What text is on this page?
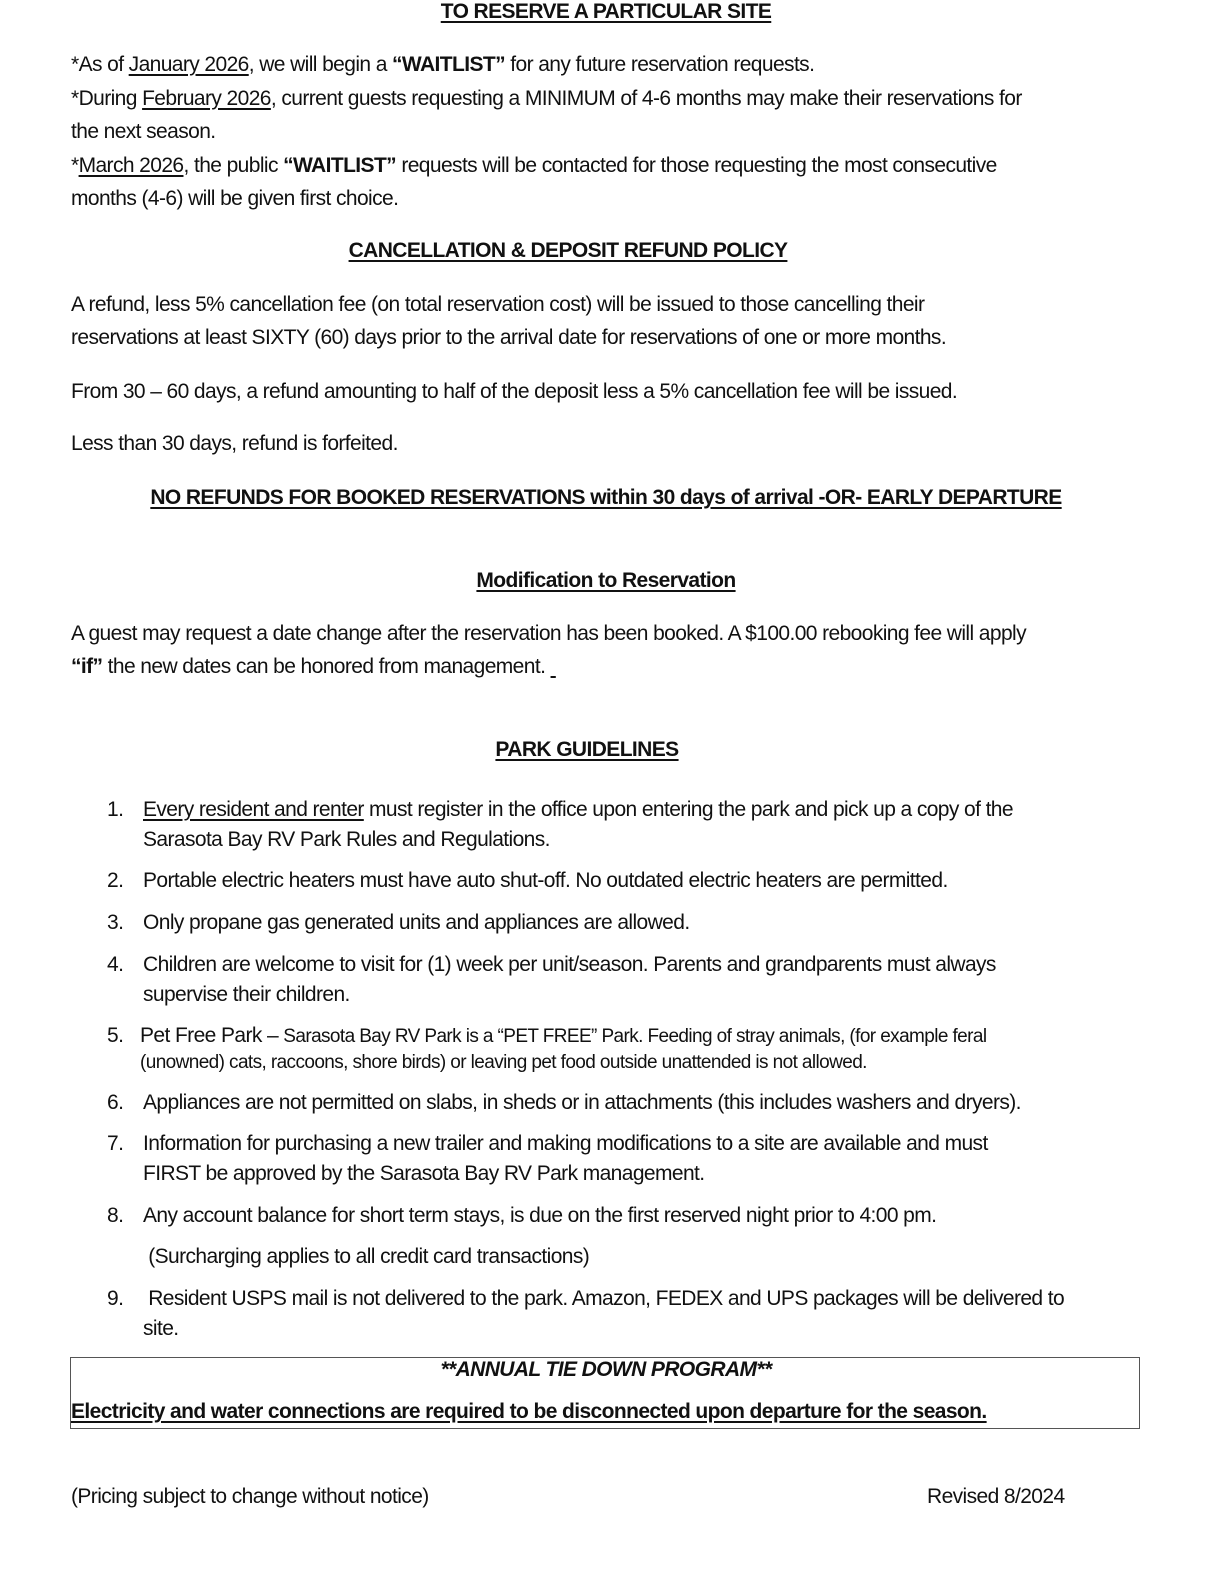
TO RESERVE A PARTICULAR SITE
*As of January 2026, we will begin a “WAITLIST” for any future reservation requests.
*During February 2026, current guests requesting a MINIMUM of 4-6 months may make their reservations for
the next season.
*March 2026, the public “WAITLIST” requests will be contacted for those requesting the most consecutive
months (4-6) will be given first choice.
CANCELLATION & DEPOSIT REFUND POLICY
A refund, less 5% cancellation fee (on total reservation cost) will be issued to those cancelling their
reservations at least SIXTY (60) days prior to the arrival date for reservations of one or more months.
From 30 – 60 days, a refund amounting to half of the deposit less a 5% cancellation fee will be issued.
Less than 30 days, refund is forfeited.
NO REFUNDS FOR BOOKED RESERVATIONS within 30 days of arrival -OR- EARLY DEPARTURE
Modification to Reservation
A guest may request a date change after the reservation has been booked. A $100.00 rebooking fee will apply
“if” the new dates can be honored from management.
PARK GUIDELINES
1. Every resident and renter must register in the office upon entering the park and pick up a copy of the
Sarasota Bay RV Park Rules and Regulations.
2. Portable electric heaters must have auto shut-off. No outdated electric heaters are permitted.
3. Only propane gas generated units and appliances are allowed.
4. Children are welcome to visit for (1) week per unit/season. Parents and grandparents must always
supervise their children.
5. Pet Free Park – Sarasota Bay RV Park is a “PET FREE” Park. Feeding of stray animals, (for example feral
(unowned) cats, raccoons, shore birds) or leaving pet food outside unattended is not allowed.
6. Appliances are not permitted on slabs, in sheds or in attachments (this includes washers and dryers).
7. Information for purchasing a new trailer and making modifications to a site are available and must
FIRST be approved by the Sarasota Bay RV Park management.
8. Any account balance for short term stays, is due on the first reserved night prior to 4:00 pm.
(Surcharging applies to all credit card transactions)
9. Resident USPS mail is not delivered to the park. Amazon, FEDEX and UPS packages will be delivered to
site.
**ANNUAL TIE DOWN PROGRAM**
Electricity and water connections are required to be disconnected upon departure for the season.
(Pricing subject to change without notice)	Revised 8/2024
